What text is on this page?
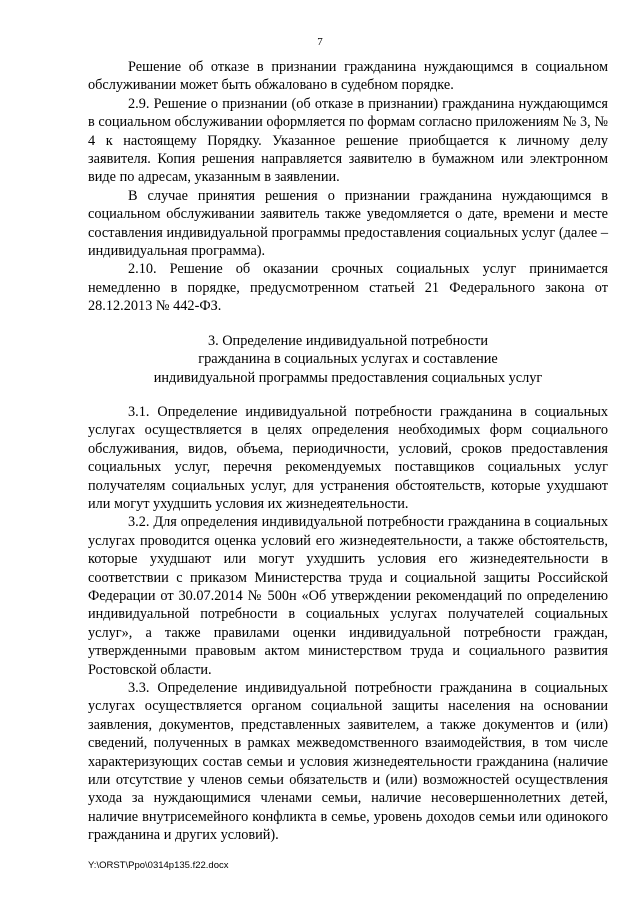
7

Решение об отказе в признании гражданина нуждающимся в социальном обслуживании может быть обжаловано в судебном порядке.

2.9. Решение о признании (об отказе в признании) гражданина нуждающимся в социальном обслуживании оформляется по формам согласно приложениям № 3, № 4 к настоящему Порядку. Указанное решение приобщается к личному делу заявителя. Копия решения направляется заявителю в бумажном или электронном виде по адресам, указанным в заявлении.

В случае принятия решения о признании гражданина нуждающимся в социальном обслуживании заявитель также уведомляется о дате, времени и месте составления индивидуальной программы предоставления социальных услуг (далее – индивидуальная программа).

2.10. Решение об оказании срочных социальных услуг принимается немедленно в порядке, предусмотренном статьей 21 Федерального закона от 28.12.2013 № 442-ФЗ.

3. Определение индивидуальной потребности
гражданина в социальных услугах и составление
индивидуальной программы предоставления социальных услуг

3.1. Определение индивидуальной потребности гражданина в социальных услугах осуществляется в целях определения необходимых форм социального обслуживания, видов, объема, периодичности, условий, сроков предоставления социальных услуг, перечня рекомендуемых поставщиков социальных услуг получателям социальных услуг, для устранения обстоятельств, которые ухудшают или могут ухудшить условия их жизнедеятельности.

3.2. Для определения индивидуальной потребности гражданина в социальных услугах проводится оценка условий его жизнедеятельности, а также обстоятельств, которые ухудшают или могут ухудшить условия его жизнедеятельности в соответствии с приказом Министерства труда и социальной защиты Российской Федерации от 30.07.2014 № 500н «Об утверждении рекомендаций по определению индивидуальной потребности в социальных услугах получателей социальных услуг», а также правилами оценки индивидуальной потребности граждан, утвержденными правовым актом министерством труда и социального развития Ростовской области.

3.3. Определение индивидуальной потребности гражданина в социальных услугах осуществляется органом социальной защиты населения на основании заявления, документов, представленных заявителем, а также документов и (или) сведений, полученных в рамках межведомственного взаимодействия, в том числе характеризующих состав семьи и условия жизнедеятельности гражданина (наличие или отсутствие у членов семьи обязательств и (или) возможностей осуществления ухода за нуждающимися членами семьи, наличие несовершеннолетних детей, наличие внутрисемейного конфликта в семье, уровень доходов семьи или одинокого гражданина и других условий).

Y:\ORST\Ppo\0314p135.f22.docx
